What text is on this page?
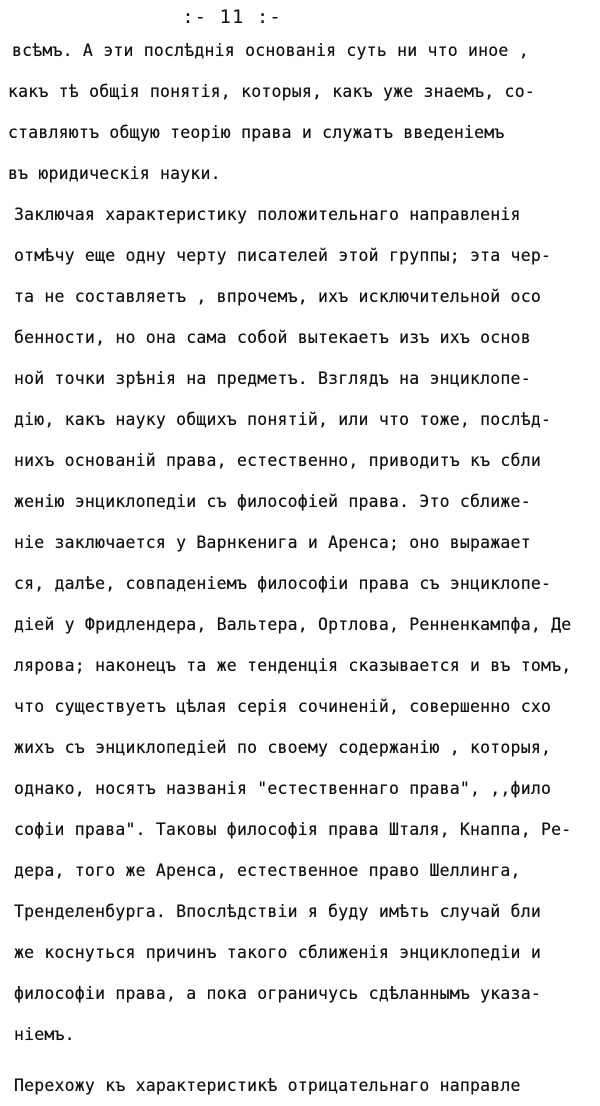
:- 11 :-
всѣмъ. А эти послѣднія основанія суть ни что иное ,
какъ тѣ общія понятія, которыя, какъ уже знаемъ, со-
ставляютъ общую теорію права и служатъ введеніемъ
въ юридическія науки.
Заключая характеристику положительнаго направленія
отмѣчу еще одну черту писателей этой группы; эта чер-
та не составляетъ , впрочемъ, ихъ исключительной осо
бенности, но она сама собой вытекаетъ изъ ихъ основ
ной точки зрѣнія на предметъ. Взглядъ на энциклопе-
дію, какъ науку общихъ понятій, или что тоже, послѣд-
нихъ основаній права, естественно, приводитъ къ сбли
женію энциклопедіи съ философіей права. Это сближе-
ніе заключается у Варнкенига и Аренса; оно выражает
ся, далѣе, совпаденіемъ философіи права съ энциклопе-
діей у Фридлендера, Вальтера, Ортлова, Ренненкампфа, Де
лярова; наконецъ та же тенденція сказывается и въ томъ,
что существуетъ цѣлая серія сочиненій, совершенно схо
жихъ съ энциклопедіей по своему содержанію , которыя,
однако, носятъ названія "естественнаго права", ,,фило
софіи права". Таковы философія права Шталя, Кнаппа, Ре-
дера, того же Аренса, естественное право Шеллинга,
Тренделенбурга. Впослѣдствіи я буду имѣть случай бли
же коснуться причинъ такого сближенія энциклопедіи и
философіи права, а пока ограничусь сдѣланнымъ указа-
ніемъ.
Перехожу къ характеристикѣ отрицательнаго направле
